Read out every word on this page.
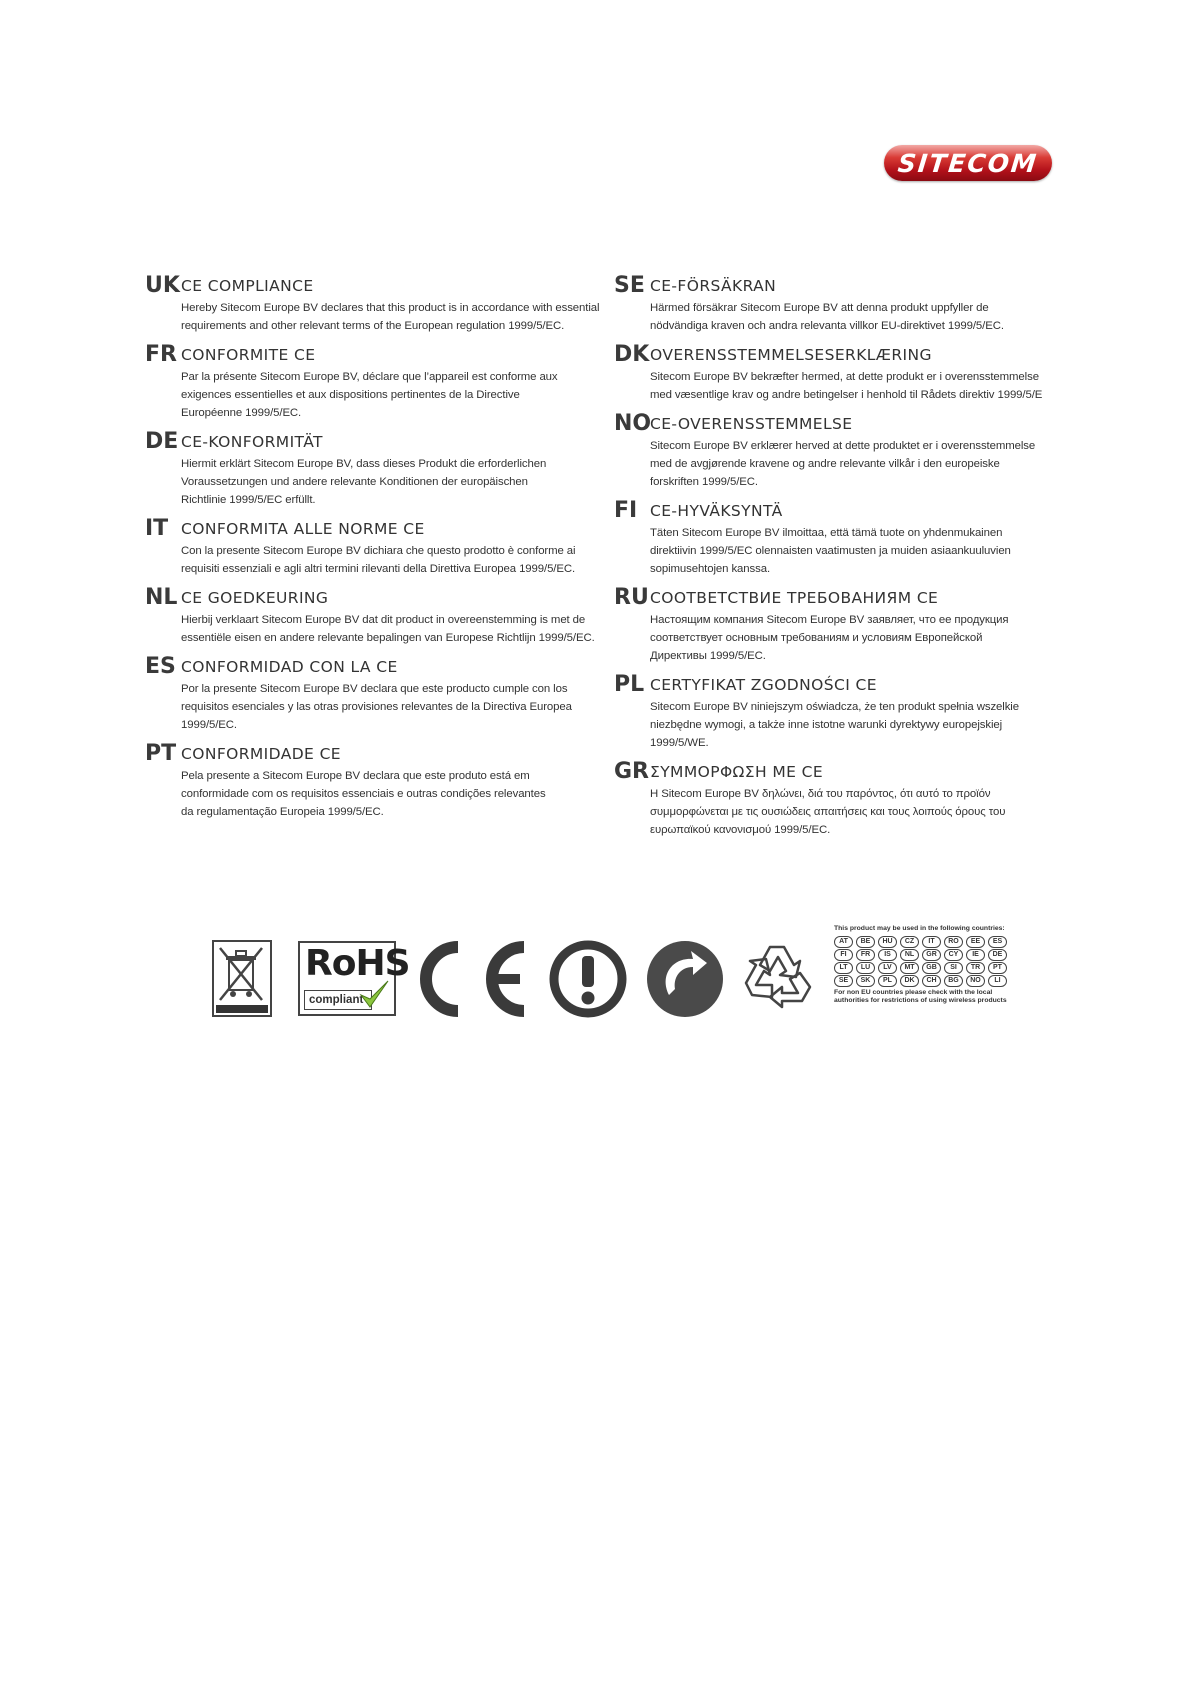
SITECOM
UK CE COMPLIANCE
Hereby Sitecom Europe BV declares that this product is in accordance with essential
requirements and other relevant terms of the European regulation 1999/5/EC.
FR CONFORMITE CE
Par la présente Sitecom Europe BV, déclare que l’appareil est conforme aux
exigences essentielles et aux dispositions pertinentes de la Directive
Européenne 1999/5/EC.
DE CE-KONFORMITÄT
Hiermit erklärt Sitecom Europe BV, dass dieses Produkt die erforderlichen
Voraussetzungen und andere relevante Konditionen der europäischen
Richtlinie 1999/5/EC erfüllt.
IT CONFORMITA ALLE NORME CE
Con la presente Sitecom Europe BV dichiara che questo prodotto è conforme ai
requisiti essenziali e agli altri termini rilevanti della Direttiva Europea 1999/5/EC.
NL CE GOEDKEURING
Hierbij verklaart Sitecom Europe BV dat dit product in overeenstemming is met de
essentiële eisen en andere relevante bepalingen van Europese Richtlijn 1999/5/EC.
ES CONFORMIDAD CON LA CE
Por la presente Sitecom Europe BV declara que este producto cumple con los
requisitos esenciales y las otras provisiones relevantes de la Directiva Europea
1999/5/EC.
PT CONFORMIDADE CE
Pela presente a Sitecom Europe BV declara que este produto está em
conformidade com os requisitos essenciais e outras condições relevantes
da regulamentação Europeia 1999/5/EC.
SE CE-FÖRSÄKRAN
Härmed försäkrar Sitecom Europe BV att denna produkt uppfyller de
nödvändiga kraven och andra relevanta villkor EU-direktivet 1999/5/EC.
DK OVERENSSTEMMELSESERKLÆRING
Sitecom Europe BV bekræfter hermed, at dette produkt er i overensstemmelse
med væsentlige krav og andre betingelser i henhold til Rådets direktiv 1999/5/E
NO
CE-OVERENSSTEMMELSE
Sitecom Europe BV erklærer herved at dette produktet er i overensstemmelse
med de avgjørende kravene og andre relevante vilkår i den europeiske
forskriften 1999/5/EC.
FI CE-HYVÄKSYNTÄ
Täten Sitecom Europe BV ilmoittaa, että tämä tuote on yhdenmukainen
direktiivin 1999/5/EC olennaisten vaatimusten ja muiden asiaankuuluvien
sopimusehtojen kanssa.
RU СООТВЕТСТВИЕ ТРЕБОВАНИЯМ CE
Настоящим компания Sitecom Europe BV заявляет, что ее продукция
соответствует основным требованиям и условиям Европейской
Директивы 1999/5/EC.
PL CERTYFIKAT ZGODNOŚCI CE
Sitecom Europe BV niniejszym oświadcza, że ten produkt spełnia wszelkie
niezbędne wymogi, a także inne istotne warunki dyrektywy europejskiej
1999/5/WE.
GR ΣΥΜΜΟΡΦΩΣΗ ΜΕ CE
Η Sitecom Europe BV δηλώνει, διά του παρόντος, ότι αυτό το προϊόν
συμμορφώνεται με τις ουσιώδεις απαιτήσεις και τους λοιπούς όρους του
ευρωπαϊκού κανονισμού 1999/5/EC.
RoHS
compliant
This product may be used in the following countries:
AT	BE	HU	CZ	IT	RO	EE	ES
FI	FR	IS	NL	GR	CY	IE	DE
LT	LU	LV	MT	GB	SI	TR	PT
SE	SK	PL	DK	CH	BG	NO	LI
For non EU countries please check with the local
authorities for restrictions of using wireless products
